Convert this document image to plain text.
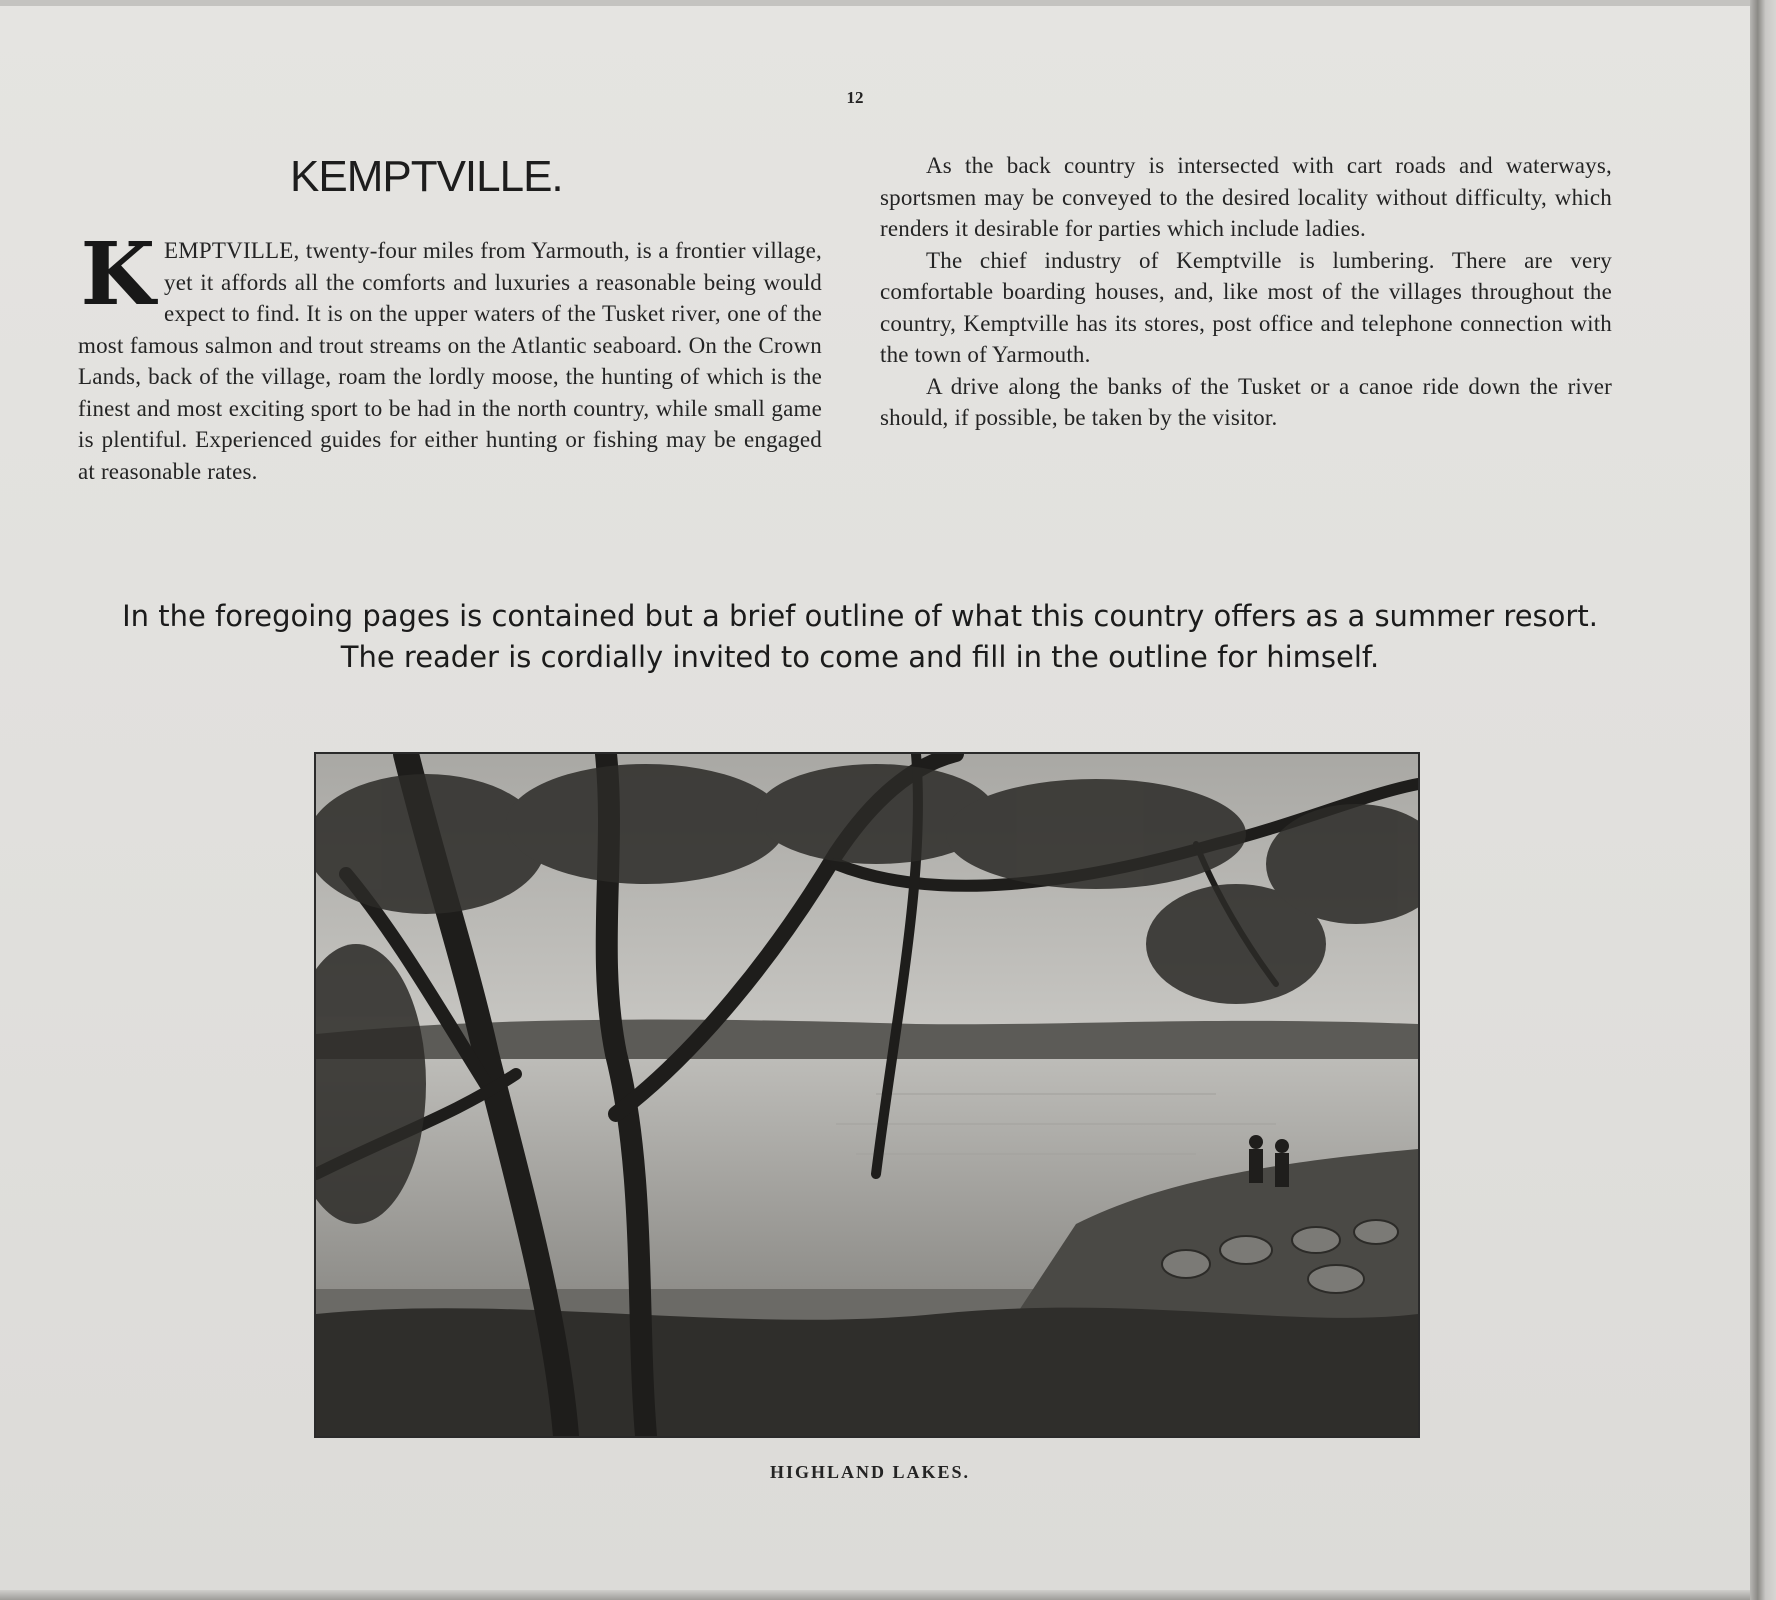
12
KEMPTVILLE.
K EMPTVILLE, twenty-four miles from Yarmouth, is a frontier village, yet it affords all the comforts and luxuries a reasonable being would expect to find. It is on the upper waters of the Tusket river, one of the most famous salmon and trout streams on the Atlantic seaboard. On the Crown Lands, back of the village, roam the lordly moose, the hunting of which is the finest and most exciting sport to be had in the north country, while small game is plentiful. Experienced guides for either hunting or fishing may be engaged at reasonable rates.

As the back country is intersected with cart roads and waterways, sportsmen may be conveyed to the desired locality without difficulty, which renders it desirable for parties which include ladies.

The chief industry of Kemptville is lumbering. There are very comfortable boarding houses, and, like most of the villages throughout the country, Kemptville has its stores, post office and telephone connection with the town of Yarmouth.

A drive along the banks of the Tusket or a canoe ride down the river should, if possible, be taken by the visitor.

In the foregoing pages is contained but a brief outline of what this country offers as a summer resort.
The reader is cordially invited to come and fill in the outline for himself.
HIGHLAND LAKES.
